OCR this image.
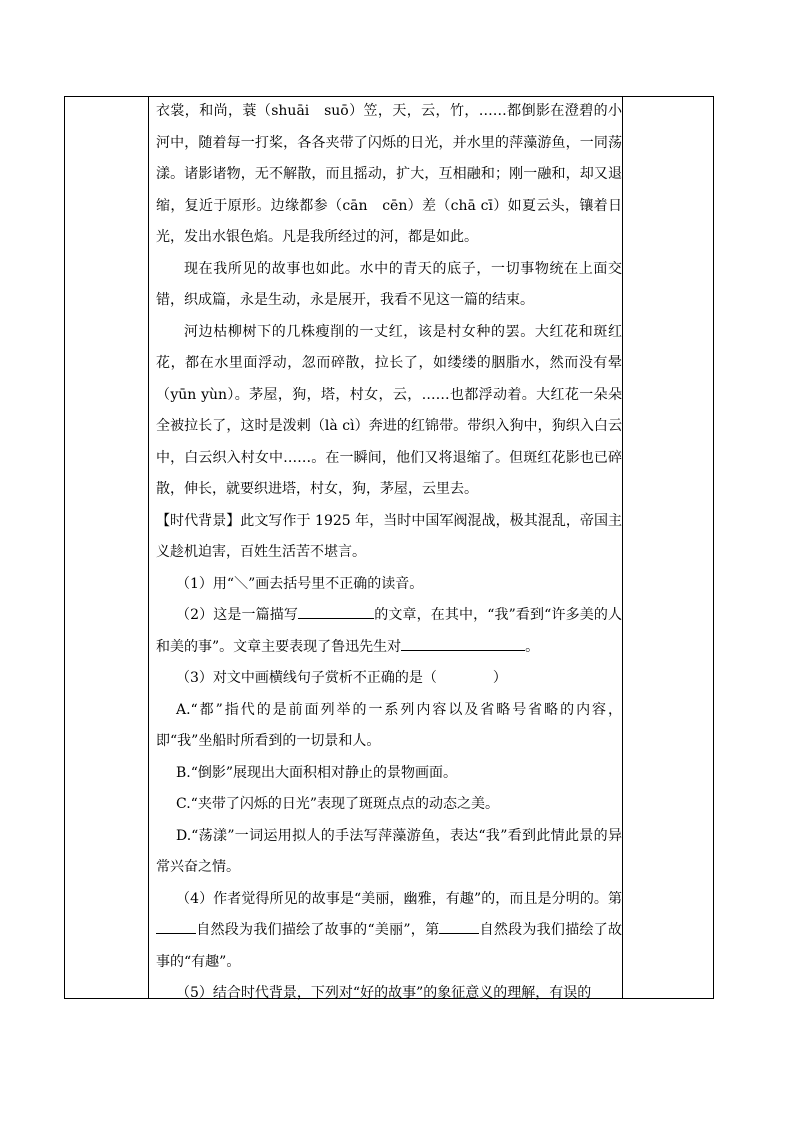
衣裳，和尚，蓑（shuāi　suō）笠，天，云，竹，……都倒影在澄碧的小河中，随着每一打桨，各各夹带了闪烁的日光，并水里的萍藻游鱼，一同荡漾。诸影诸物，无不解散，而且摇动，扩大，互相融和；刚一融和，却又退缩，复近于原形。边缘都参（cān　cēn）差（chā cī）如夏云头，镶着日光，发出水银色焰。凡是我所经过的河，都是如此。

现在我所见的故事也如此。水中的青天的底子，一切事物统在上面交错，织成篇，永是生动，永是展开，我看不见这一篇的结束。

河边枯柳树下的几株瘦削的一丈红，该是村女种的罢。大红花和斑红花，都在水里面浮动，忽而碎散，拉长了，如缕缕的胭脂水，然而没有晕（yūn yùn）。茅屋，狗，塔，村女，云，……也都浮动着。大红花一朵朵全被拉长了，这时是泼剌（là cì）奔进的红锦带。带织入狗中，狗织入白云中，白云织入村女中……。在一瞬间，他们又将退缩了。但斑红花影也已碎散，伸长，就要织进塔，村女，狗，茅屋，云里去。

【时代背景】此文写作于 1925 年，当时中国军阀混战，极其混乱，帝国主义趁机迫害，百姓生活苦不堪言。

（1）用“＼”画去括号里不正确的读音。

（2）这是一篇描写	的文章，在其中，“我”看到“许多美的人和美的事”。文章主要表现了鲁迅先生对	。

（3）对文中画横线句子赏析不正确的是（　　　　）

A.“都”指代的是前面列举的一系列内容以及省略号省略的内容，即“我”坐船时所看到的一切景和人。

B.“倒影”展现出大面积相对静止的景物画面。

C.“夹带了闪烁的日光”表现了斑斑点点的动态之美。

D.“荡漾”一词运用拟人的手法写萍藻游鱼，表达“我”看到此情此景的异常兴奋之情。

（4）作者觉得所见的故事是“美丽，幽雅，有趣”的，而且是分明的。第自然段为我们描绘了故事的“美丽”，第	自然段为我们描绘了故事的“有趣”。

（5）结合时代背景，下列对“好的故事”的象征意义的理解，有误的
